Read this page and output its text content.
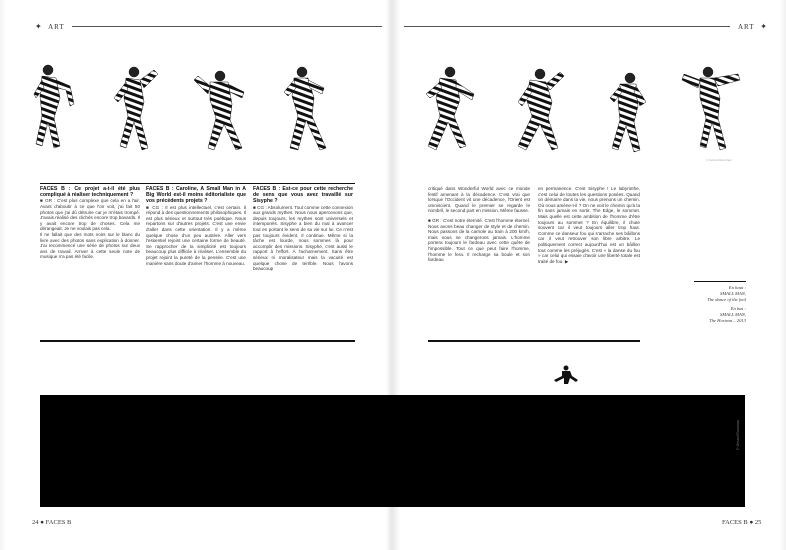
✦ ART	ART ✦
© Gérard Rancinan
FACES B : Ce projet a-t-il été plus compliqué à réaliser techniquement ?
■ GR : C'est plus complexe que cela en a l'air. Avant d'aboutir à ce que l'on voit, j'ai fait 50 photos que j'ai dû détruire car je m'étais trompé. J'avais réalisé des clichés encore trop bavards. Il y avait encore trop de choses. Cela me dérangeait. Je ne voulais pas cela.
Il ne fallait que des mots noirs sur le blanc du livre avec des photos sans explication à donner. J'ai recommencé une série de photos sur deux ans de travail. Arriver à cette seule note de musique n'a pas été facile.
FACES B : Caroline, A Small Man in A Big World est-il moins éditorialiste que vos précédents projets ?
■ CG : Il est plus intellectuel, c'est certain. Il répond à des questionnements philosophiques. Il est plus sérieux et surtout très poétique. Nous repartons sur d'autres projets. C'est une envie d'aller dans cette orientation. Il y a même quelque chose d'un peu austère. Aller vers l'essentiel rejoint une certaine forme de beauté. Se rapprocher de la simplicité est toujours beaucoup plus difficile à réaliser. L'ensemble du projet rejoint la pureté de la pensée. C'est une manière sans doute d'aimer l'homme à nouveau.
FACES B : Est-ce pour cette recherche de sens que vous avez travaillé sur Sisyphe ?
■ CG : Absolument. Tout comme cette connexion aux grands mythes. Nous nous apercevons que, depuis toujours, les mythes sont universels et intemporels. Sisyphe a bien du mal à avancer tout en portant le sens de sa vie sur lui. Ce n'est pas toujours évident. Il continue. Même si la tâche est lourde, nous sommes là pour accomplir des missions. Sisyphe, c'est aussi le rapport à l'effort. À l'acharnement. Sans être sérieux ni moralisateur mais la vacuité est quelque chose de terrible. Nous l'avons beaucoup
critiqué dans Wonderful World avec ce monde festif amenant à la décadence. C'est vrai que lorsque l'Occident vit une décadence, l'Orient est omniscient. Quand le premier se regarde le nombril, le second part en mission. Même fausse.
■ GR : C'est notre éternité. C'est l'homme éternel. Nous avons beau changer de style et de chemin. Nous passons de la carriole au train à 200 km/h, mais nous ne changerons jamais. L'homme portera toujours le fardeau avec cette quête de l'impossible. Tout ce que peut faire l'homme, l'homme le fera. Il recharge sa boule et son fardeau
en permanence. C'est Sisyphe ! Le labyrinthe, c'est celui de toutes les questions posées. Quand on démarre dans la vie, nous prenons un chemin. Où nous amène-t-il ? On ne voit le chemin qu'à la fin sans jamais en sortir. The Edge, le sommet. Mais quelle est cette ambition de l'homme d'être toujours au sommet ? En équilibre, il chute souvent car il veut toujours aller trop haut. Comme ce danseur fou qui s'arrache ses bâillons car il veut retrouver son libre arbitre. Le politiquement correct aujourd'hui est un bâillon tout comme les préjugés. C'est « la danse du fou » car celui qui essaie d'avoir une liberté totale est traité de fou. ▶
En haut :
SMALL MAN,
The dance of the fool
En bas :
SMALL MAN,
The Horizon – 2013
© Gérard Rancinan
24 ● FACES B	FACES B ● 25
